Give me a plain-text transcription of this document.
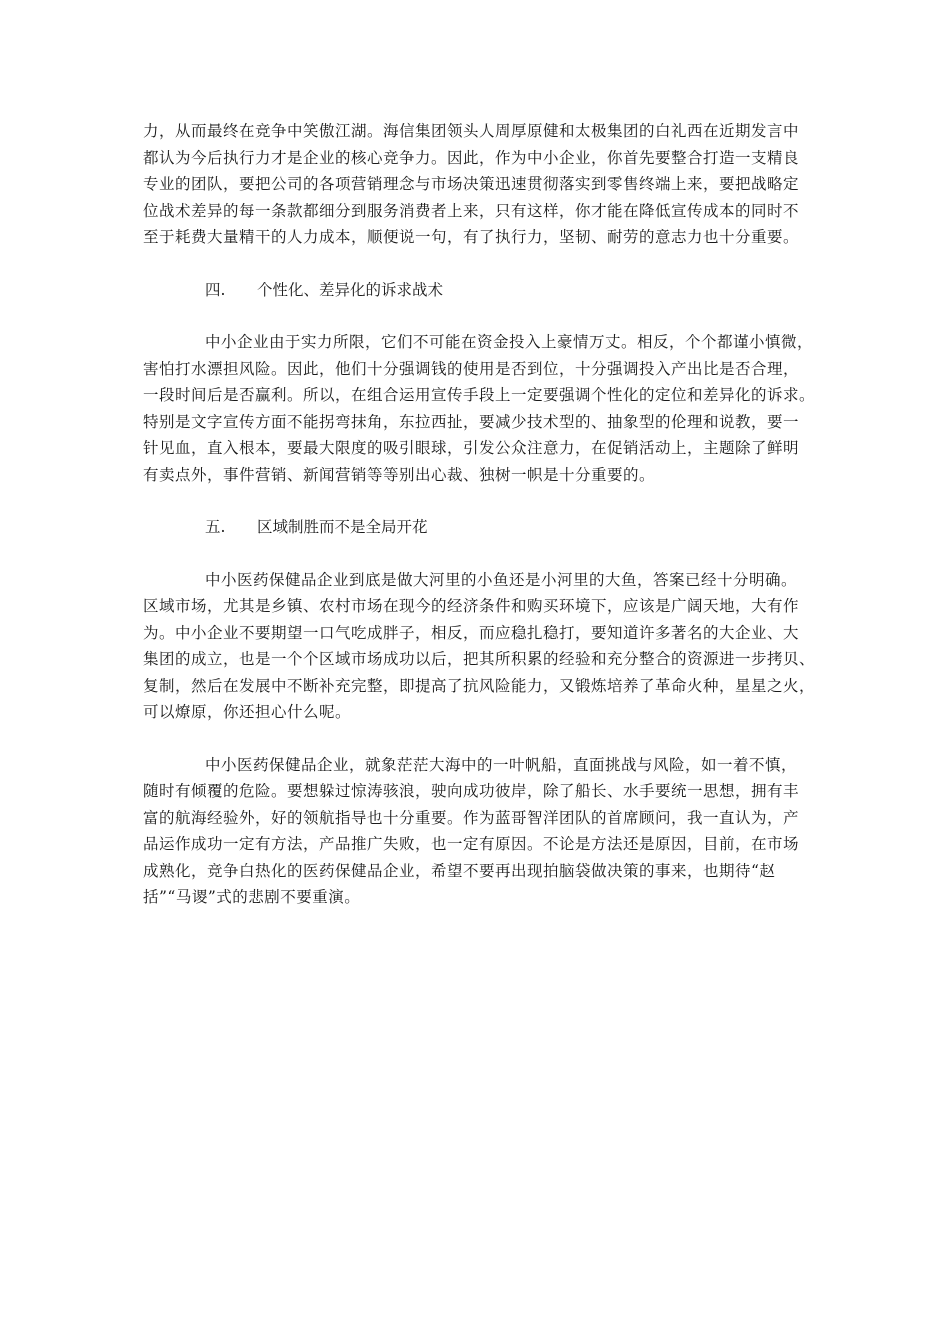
力，从而最终在竞争中笑傲江湖。海信集团领头人周厚原健和太极集团的白礼西在近期发言中
都认为今后执行力才是企业的核心竞争力。因此，作为中小企业，你首先要整合打造一支精良
专业的团队，要把公司的各项营销理念与市场决策迅速贯彻落实到零售终端上来，要把战略定
位战术差异的每一条款都细分到服务消费者上来，只有这样，你才能在降低宣传成本的同时不
至于耗费大量精干的人力成本，顺便说一句，有了执行力，坚韧、耐劳的意志力也十分重要。
四. 个性化、差异化的诉求战术
中小企业由于实力所限，它们不可能在资金投入上豪情万丈。相反，个个都谨小慎微，
害怕打水漂担风险。因此，他们十分强调钱的使用是否到位，十分强调投入产出比是否合理，
一段时间后是否赢利。所以，在组合运用宣传手段上一定要强调个性化的定位和差异化的诉求。
特别是文字宣传方面不能拐弯抹角，东拉西扯，要减少技术型的、抽象型的伦理和说教，要一
针见血，直入根本，要最大限度的吸引眼球，引发公众注意力，在促销活动上，主题除了鲜明
有卖点外，事件营销、新闻营销等等别出心裁、独树一帜是十分重要的。
五. 区域制胜而不是全局开花
中小医药保健品企业到底是做大河里的小鱼还是小河里的大鱼，答案已经十分明确。
区域市场，尤其是乡镇、农村市场在现今的经济条件和购买环境下，应该是广阔天地，大有作
为。中小企业不要期望一口气吃成胖子，相反，而应稳扎稳打，要知道许多著名的大企业、大
集团的成立，也是一个个区域市场成功以后，把其所积累的经验和充分整合的资源进一步拷贝、
复制，然后在发展中不断补充完整，即提高了抗风险能力，又锻炼培养了革命火种，星星之火，
可以燎原，你还担心什么呢。
中小医药保健品企业，就象茫茫大海中的一叶帆船，直面挑战与风险，如一着不慎，
随时有倾覆的危险。要想躲过惊涛骇浪，驶向成功彼岸，除了船长、水手要统一思想，拥有丰
富的航海经验外，好的领航指导也十分重要。作为蓝哥智洋团队的首席顾问，我一直认为，产
品运作成功一定有方法，产品推广失败，也一定有原因。不论是方法还是原因，目前，在市场
成熟化，竞争白热化的医药保健品企业，希望不要再出现拍脑袋做决策的事来，也期待“赵
括”“马谡”式的悲剧不要重演。
